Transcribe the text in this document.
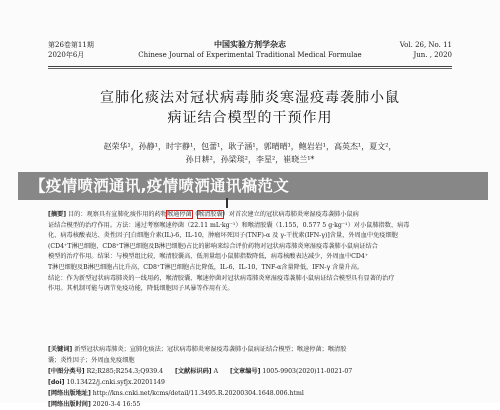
第26卷第11期
2020年6月
中国实验方剂学杂志
Chinese Journal of Experimental Traditional Medical Formulae
Vol. 26, No. 11
Jun. , 2020
宣肺化痰法对冠状病毒肺炎寒湿疫毒袭肺小鼠
病证结合模型的干预作用
赵荣华¹，孙静¹，时宇静¹，包蕾¹，耿子涵¹，郭晴晴¹，鲍岩岩¹，高英杰¹，夏文²，
孙日耕²，孙梁琰²，李星²，崔晓兰¹*
[摘要] 目的：观察具有宣肺化痰作用的药物喉通停菌（喉清胶囊）对首次建立的冠状病毒肺炎寒湿疫毒袭肺小鼠病
证结合模型的治疗作用。方法：通过考察喉速停菌（22.11 mL·kg⁻¹）和喉清胶囊（1.155，0.577 5 g·kg⁻¹）对小鼠肺指数、病毒
化、病毒核酸表达、炎性因子[白细胞介素(IL)-6，IL-10，肿瘤坏死因子(TNF)-α 及 γ-干扰素(IFN-γ)]含量，外周血中免疫细胞
(CD4⁺T淋巴细胞，CD8⁺T淋巴细胞及B淋巴细胞)占比的影响来综合评价药物对冠状病毒肺炎寒湿疫毒袭肺小鼠病证结合
模型的治疗作用。结果：与模型组比较，喉清胶囊高、低剂量组小鼠肺指数降低，病毒核酸表达减少，外周血中CD4⁺
T淋巴细胞及B淋巴细胞占比升高，CD8⁺T淋巴细胞占比降低，IL-6，IL-10，TNF-α含量降低，IFN-γ 含量升高。
结论：作为新型冠状病毒肺炎的一线用药，喉清胶囊、喉速停菌对冠状病毒肺炎寒湿疫毒袭肺小鼠病证结合模型具有显著的治疗
作用。其机制可能与调节免疫功能，降低细胞因子风暴等作用有关。
[关键词] 新型冠状病毒肺炎；宣肺化痰法；冠状病毒肺炎寒湿疫毒袭肺小鼠病证结合模型；喉速停菌；喉清胶
囊；炎性因子；外周血免疫细胞
[中图分类号] R2;R285;R254.3;Q939.4 [文献标识码] A [文章编号] 1005-9903(2020)11-0021-07
[doi] 10.13422/j.cnki.syfjx.20201149
[网络出版地址] http://kns.cnki.net/kcms/detail/11.3495.R.20200304.1648.006.html
[网络出版时间] 2020-3-4 16:55
【疫情喷洒通讯,疫情喷洒通讯稿范文
